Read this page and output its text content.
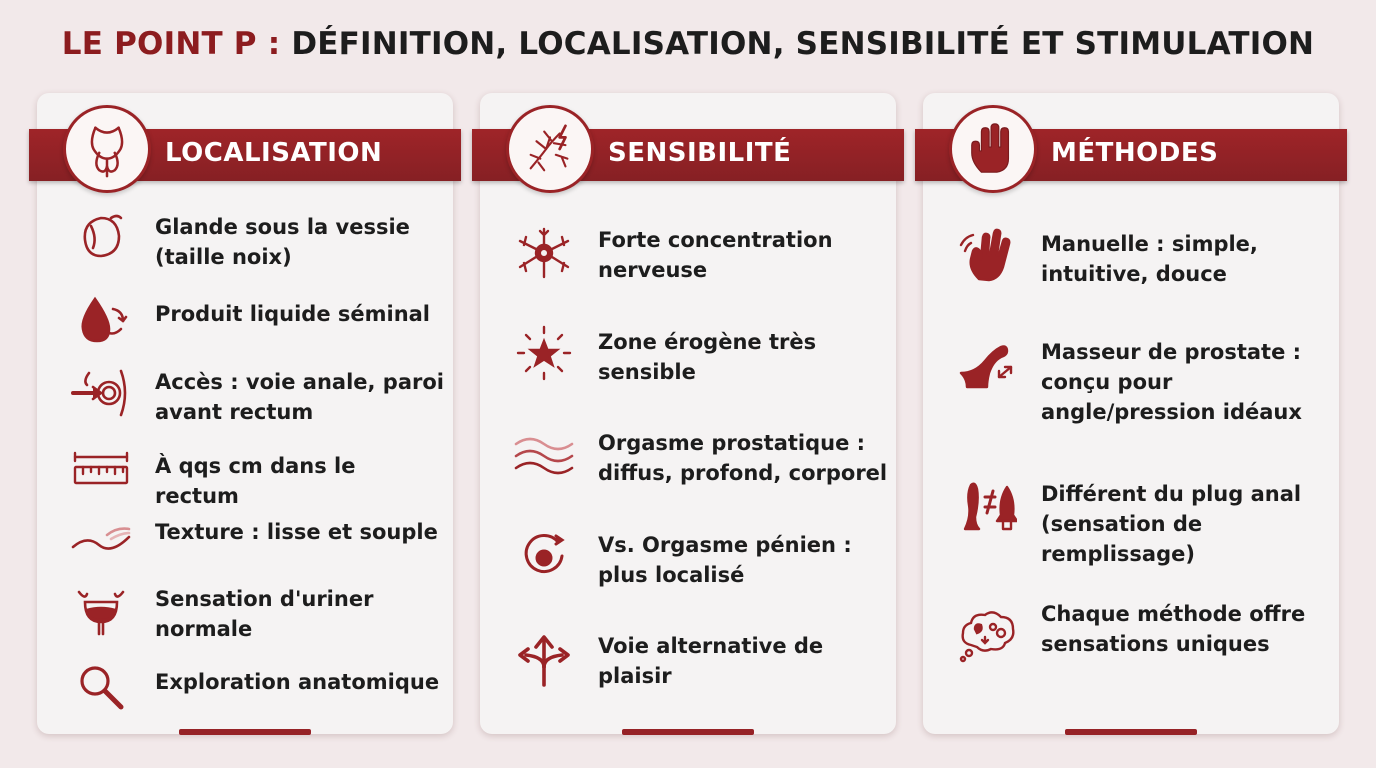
LE POINT P : DÉFINITION, LOCALISATION, SENSIBILITÉ ET STIMULATION
LOCALISATION
Glande sous la vessie (taille noix)
Produit liquide séminal
Accès : voie anale, paroi avant rectum
À qqs cm dans le rectum
Texture : lisse et souple
Sensation d'uriner normale
Exploration anatomique
SENSIBILITÉ
Forte concentration nerveuse
Zone érogène très sensible
Orgasme prostatique : diffus, profond, corporel
Vs. Orgasme pénien : plus localisé
Voie alternative de plaisir
MÉTHODES
Manuelle : simple, intuitive, douce
Masseur de prostate : conçu pour angle/pression idéaux
Différent du plug anal (sensation de remplissage)
Chaque méthode offre sensations uniques
